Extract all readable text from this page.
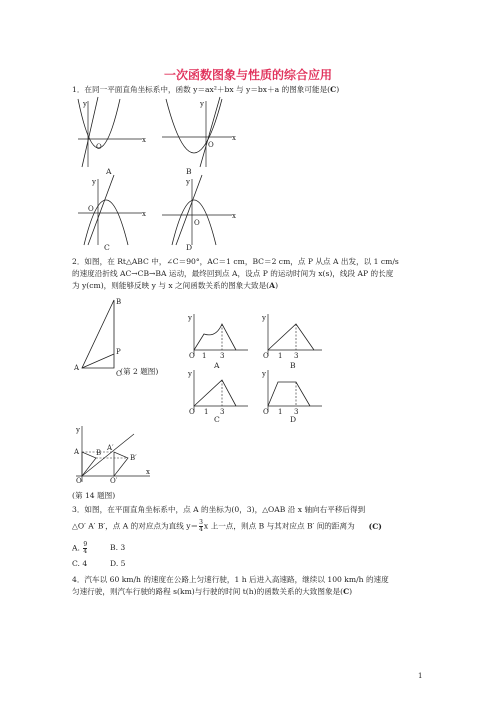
一次函数图象与性质的综合应用
1．在同一平面直角坐标系中，函数 y＝ax²＋bx 与 y＝bx＋a 的图象可能是(C)
y
O
x
A
y
O
x
B
y
O
x
C
y
O
x
D
2．如图，在 Rt△ABC 中，∠C＝90°，AC＝1 cm，BC＝2 cm，点 P 从点 A 出发，以 1 cm/s
的速度沿折线 AC→CB→BA 运动，最终回到点 A，设点 P 的运动时间为 x(s)，线段 AP 的长度
为 y(cm)，则能够反映 y 与 x 之间函数关系的图象大致是(A)
B
P
A
C
(第 2 题图)
y
O 1 3
A
y
O 1 3
B
y
O 1 3
C
y
O 1 3
D
y
A B
A′
B′
O	O′
x
(第 14 题图)
3．如图，在平面直角坐标系中，点 A 的坐标为(0，3)，△OAB 沿 x 轴向右平移后得到
△O′ A′ B′，点 A 的对应点为直线 $y= \frac{3}{4}$ x 上一点，则点 B 与其对应点 B′ 间的距离为 (C)
A. $\frac{9}{4}$	B. 3
C. 4	D. 5
4．汽车以 60 km/h 的速度在公路上匀速行驶，1 h 后进入高速路，继续以 100 km/h 的速度
匀速行驶，则汽车行驶的路程 s(km)与行驶的时间 t(h)的函数关系的大致图象是(C)
1
